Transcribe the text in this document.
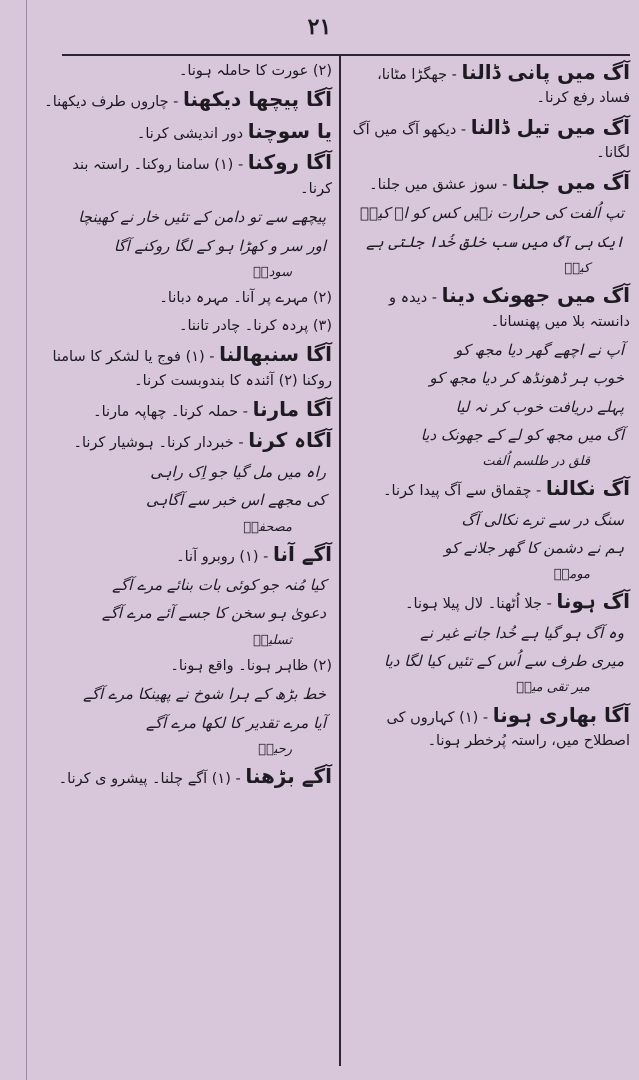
۲۱
آگ میں پانی ڈالنا - جھگڑا مٹانا، فساد رفع کرنا۔
آگ میں تیل ڈالنا - دیکھو آگ میں آگ لگانا۔
آگ میں جلنا - سوز عشق میں جلنا۔
تپ اُلفت کی حرارت نہیں کس کو اے کیفؔ
ایک ہی آگ میں سب خلق خُدا جلتی ہے
کیفؔ
آگ میں جھونک دینا - دیدہ و دانستہ بلا میں پھنسانا۔
آپ نے اچھے گھر دیا مجھ کو
خوب ہر ڈھونڈھ کر دیا مجھ کو
پہلے دریافت خوب کر نہ لیا
آگ میں مجھ کو لے کے جھونک دیا
قلق در طلسم اُلفت
آگ نکالنا - چقماق سے آگ پیدا کرنا۔
سنگ در سے ترے نکالی آگ
ہم نے دشمن کا گھر جلانے کو
مومنؔ
آگ ہونا - جلا اُٹھنا۔ لال پیلا ہونا۔
وہ آگ ہو گیا ہے خُدا جانے غیر نے
میری طرف سے اُس کے تئیں کیا لگا دیا
میر تقی میرؔ
آگا بھاری ہونا - (۱) کہاروں کی اصطلاح میں، راستہ پُرخطر ہونا۔
(۲) عورت کا حاملہ ہونا۔
آگا پیچھا دیکھنا - چاروں طرف دیکھنا۔
یا سوچنا دور اندیشی کرنا۔
آگا روکنا - (۱) سامنا روکنا۔ راستہ بند کرنا۔
پیچھے سے تو دامن کے تئیں خار نے کھینچا
اور سر و کھڑا ہو کے لگا روکنے آگا
سوداؔ
(۲) مہرے پر آنا۔ مہرہ دبانا۔
(۳) پردہ کرنا۔ چادر تاننا۔
آگا سنبھالنا - (۱) فوج یا لشکر کا سامنا روکنا (۲) آئندہ کا بندوبست کرنا۔
آگا مارنا - حملہ کرنا۔ چھاپہ مارنا۔
آگاہ کرنا - خبردار کرنا۔ ہوشیار کرنا۔
راہ میں مل گیا جو اِک راہی
کی مجھے اس خبر سے آگاہی
مصحفیؔ
آگے آنا - (۱) روبرو آنا۔
کیا مُنہ جو کوئی بات بنائے مرے آگے
دعویٰ ہو سخن کا جسے آئے مرے آگے
تسلیمؔ
(۲) ظاہر ہونا۔ واقع ہونا۔
خط بڑھ کے ہرا شوخ نے پھینکا مرے آگے
آیا مرے تقدیر کا لکھا مرے آگے
رحیمؔ
آگے بڑھنا - (۱) آگے چلنا۔ پیشرو ی کرنا۔
